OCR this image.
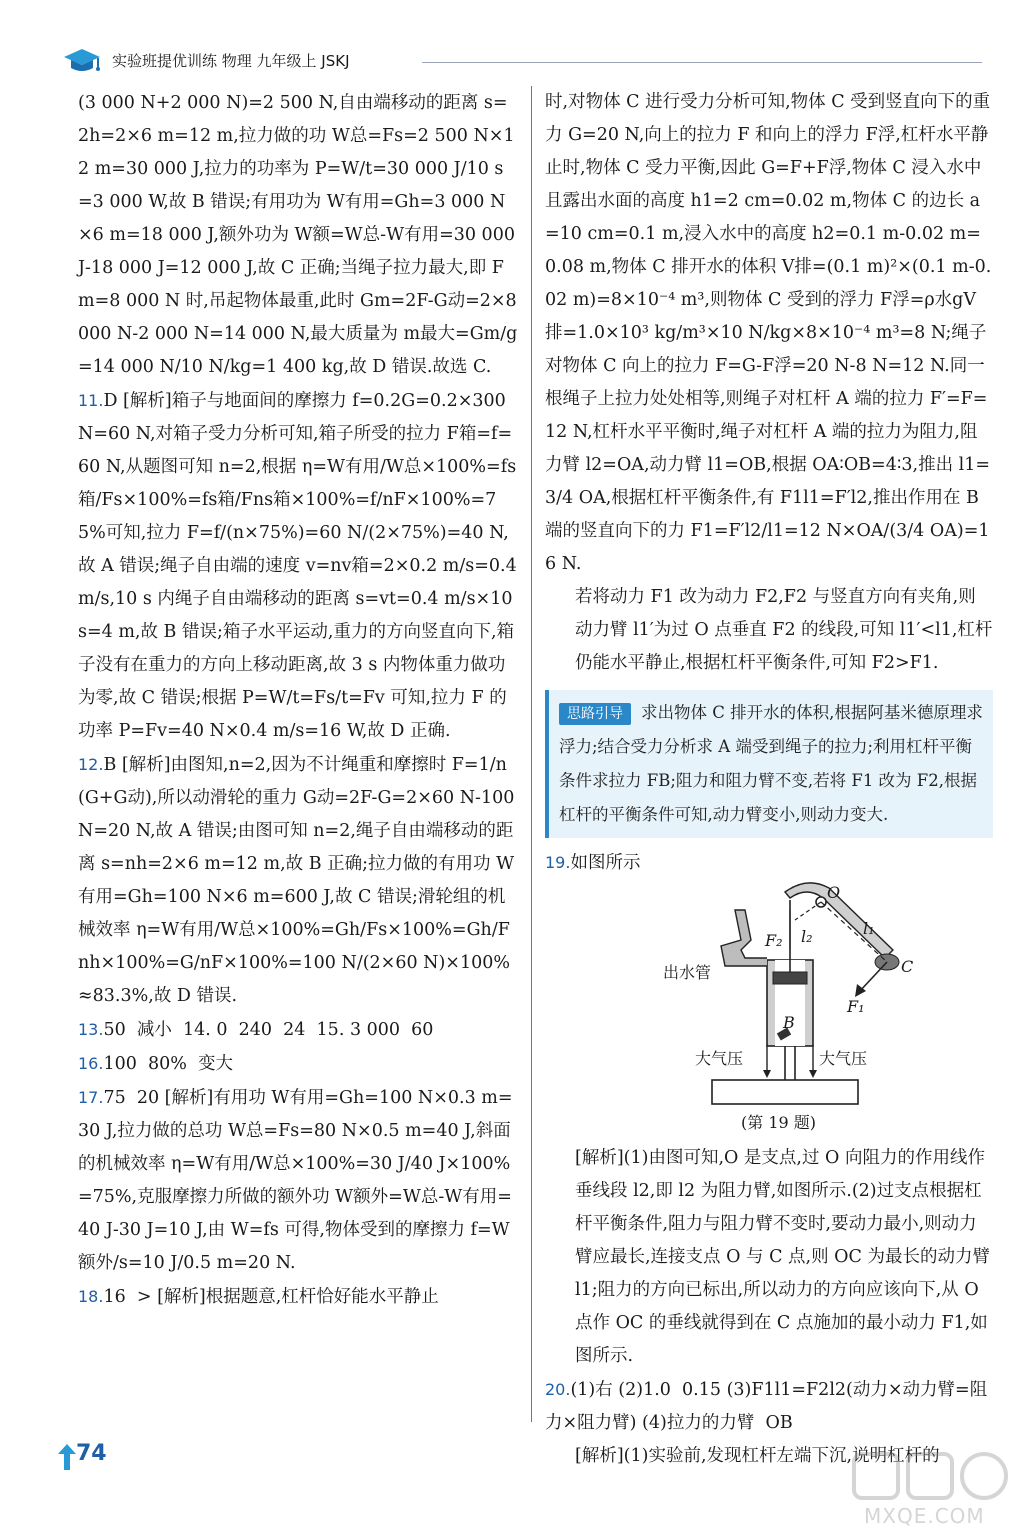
实验班提优训练 物理 九年级上 JSKJ

(3 000 N+2 000 N)=2 500 N,自由端移动的距离 s=2h=2×6 m=12 m,拉力做的功 W总=Fs=2 500 N×12 m=30 000 J,拉力的功率为 P=W/t=30 000 J/10 s=3 000 W,故 B 错误;有用功为 W有用=Gh=3 000 N×6 m=18 000 J,额外功为 W额=W总-W有用=30 000 J-18 000 J=12 000 J,故 C 正确;当绳子拉力最大,即 Fm=8 000 N 时,吊起物体最重,此时 Gm=2F-G动=2×8 000 N-2 000 N=14 000 N,最大质量为 m最大=Gm/g=14 000 N/10 N/kg=1 400 kg,故 D 错误.故选 C.

11.D [解析]箱子与地面间的摩擦力 f=0.2G=0.2×300 N=60 N,对箱子受力分析可知,箱子所受的拉力 F箱=f=60 N,从题图可知 n=2,根据 η=W有用/W总×100%=fs箱/Fs×100%=fs箱/Fns箱×100%=f/nF×100%=75%可知,拉力 F=f/(n×75%)=60 N/(2×75%)=40 N,故 A 错误;绳子自由端的速度 v=nv箱=2×0.2 m/s=0.4 m/s,10 s 内绳子自由端移动的距离 s=vt=0.4 m/s×10 s=4 m,故 B 错误;箱子水平运动,重力的方向竖直向下,箱子没有在重力的方向上移动距离,故 3 s 内物体重力做功为零,故 C 错误;根据 P=W/t=Fs/t=Fv 可知,拉力 F 的功率 P=Fv=40 N×0.4 m/s=16 W,故 D 正确.

12.B [解析]由图知,n=2,因为不计绳重和摩擦时 F=1/n(G+G动),所以动滑轮的重力 G动=2F-G=2×60 N-100 N=20 N,故 A 错误;由图可知 n=2,绳子自由端移动的距离 s=nh=2×6 m=12 m,故 B 正确;拉力做的有用功 W有用=Gh=100 N×6 m=600 J,故 C 错误;滑轮组的机械效率 η=W有用/W总×100%=Gh/Fs×100%=Gh/Fnh×100%=G/nF×100%=100 N/(2×60 N)×100%≈83.3%,故 D 错误.

13.50  减小  14. 0  240  24  15. 3 000  60

16.100  80%  变大

17.75  20 [解析]有用功 W有用=Gh=100 N×0.3 m=30 J,拉力做的总功 W总=Fs=80 N×0.5 m=40 J,斜面的机械效率 η=W有用/W总×100%=30 J/40 J×100%=75%,克服摩擦力所做的额外功 W额外=W总-W有用=40 J-30 J=10 J,由 W=fs 可得,物体受到的摩擦力 f=W额外/s=10 J/0.5 m=20 N.

18.16  > [解析]根据题意,杠杆恰好能水平静止

时,对物体 C 进行受力分析可知,物体 C 受到竖直向下的重力 G=20 N,向上的拉力 F 和向上的浮力 F浮,杠杆水平静止时,物体 C 受力平衡,因此 G=F+F浮,物体 C 浸入水中且露出水面的高度 h1=2 cm=0.02 m,物体 C 的边长 a=10 cm=0.1 m,浸入水中的高度 h2=0.1 m-0.02 m=0.08 m,物体 C 排开水的体积 V排=(0.1 m)²×(0.1 m-0.02 m)=8×10⁻⁴ m³,则物体 C 受到的浮力 F浮=ρ水gV排=1.0×10³ kg/m³×10 N/kg×8×10⁻⁴ m³=8 N;绳子对物体 C 向上的拉力 F=G-F浮=20 N-8 N=12 N.同一根绳子上拉力处处相等,则绳子对杠杆 A 端的拉力 F′=F=12 N,杠杆水平平衡时,绳子对杠杆 A 端的拉力为阻力,阻力臂 l2=OA,动力臂 l1=OB,根据 OA∶OB=4∶3,推出 l1=3/4 OA,根据杠杆平衡条件,有 F1l1=F′l2,推出作用在 B 端的竖直向下的力 F1=F′l2/l1=12 N×OA/(3/4 OA)=16 N.

若将动力 F1 改为动力 F2,F2 与竖直方向有夹角,则动力臂 l1′为过 O 点垂直 F2 的线段,可知 l1′<l1,杠杆仍能水平静止,根据杠杆平衡条件,可知 F2>F1.

思路引导 求出物体 C 排开水的体积,根据阿基米德原理求浮力;结合受力分析求 A 端受到绳子的拉力;利用杠杆平衡条件求拉力 FB;阻力和阻力臂不变,若将 F1 改为 F2,根据杠杆的平衡条件可知,动力臂变小,则动力变大.

19.如图所示

O
l₁
l₂
F₂
C
F₁
B
出水管
大气压	大气压
(第 19 题)

[解析](1)由图可知,O 是支点,过 O 向阻力的作用线作垂线段 l2,即 l2 为阻力臂,如图所示.(2)过支点根据杠杆平衡条件,阻力与阻力臂不变时,要动力最小,则动力臂应最长,连接支点 O 与 C 点,则 OC 为最长的动力臂 l1;阻力的方向已标出,所以动力的方向应该向下,从 O 点作 OC 的垂线就得到在 C 点施加的最小动力 F1,如图所示.

20.(1)右 (2)1.0  0.15 (3)F1l1=F2l2(动力×动力臂=阻力×阻力臂) (4)拉力的力臂  OB

[解析](1)实验前,发现杠杆左端下沉,说明杠杆的

74
MXQE.COM
